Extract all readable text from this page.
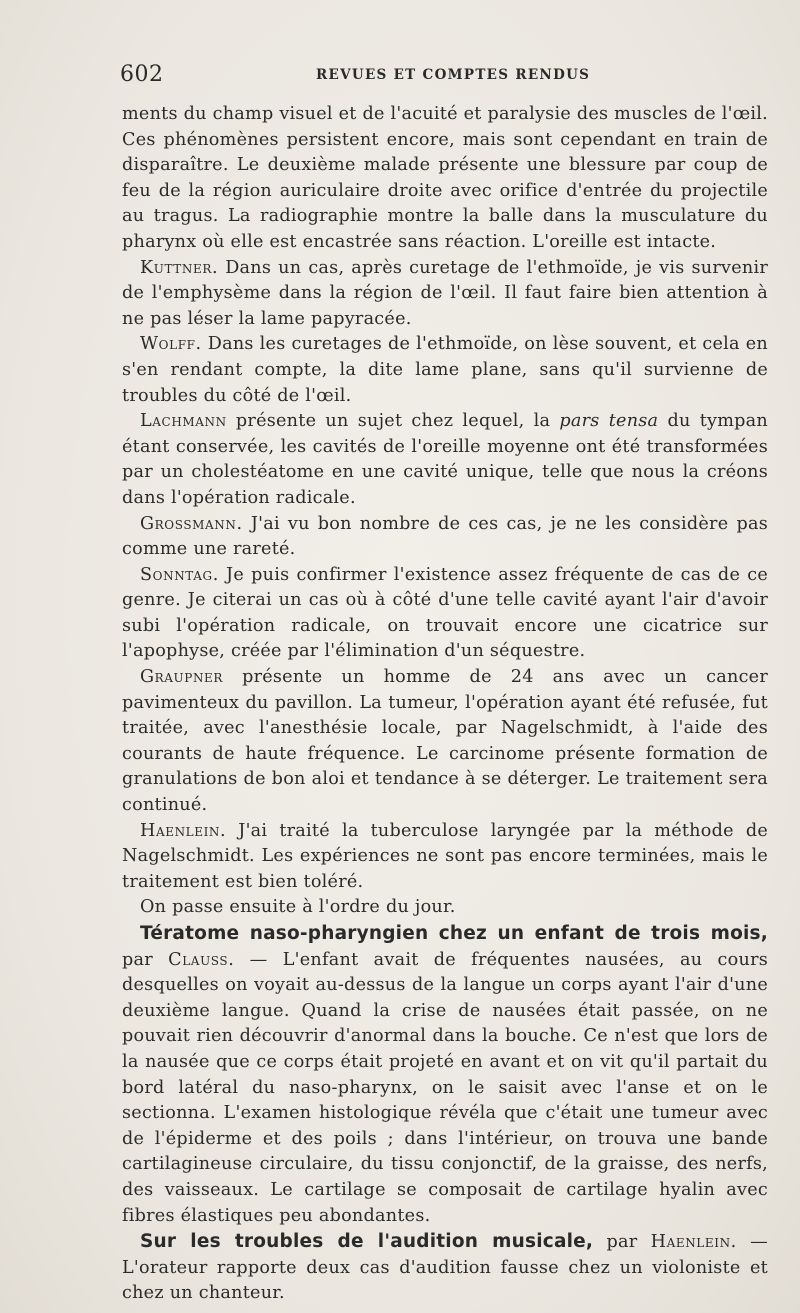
602	REVUES ET COMPTES RENDUS

ments du champ visuel et de l'acuité et paralysie des muscles de l'œil. Ces phénomènes persistent encore, mais sont cependant en train de disparaître. Le deuxième malade présente une blessure par coup de feu de la région auriculaire droite avec orifice d'entrée du projectile au tragus. La radiographie montre la balle dans la musculature du pharynx où elle est encastrée sans réaction. L'oreille est intacte.

Kuttner. Dans un cas, après curetage de l'ethmoïde, je vis survenir de l'emphysème dans la région de l'œil. Il faut faire bien attention à ne pas léser la lame papyracée.

Wolff. Dans les curetages de l'ethmoïde, on lèse souvent, et cela en s'en rendant compte, la dite lame plane, sans qu'il survienne de troubles du côté de l'œil.

Lachmann présente un sujet chez lequel, la pars tensa du tympan étant conservée, les cavités de l'oreille moyenne ont été transformées par un cholestéatome en une cavité unique, telle que nous la créons dans l'opération radicale.

Grossmann. J'ai vu bon nombre de ces cas, je ne les considère pas comme une rareté.

Sonntag. Je puis confirmer l'existence assez fréquente de cas de ce genre. Je citerai un cas où à côté d'une telle cavité ayant l'air d'avoir subi l'opération radicale, on trouvait encore une cicatrice sur l'apophyse, créée par l'élimination d'un séquestre.

Graupner présente un homme de 24 ans avec un cancer pavimenteux du pavillon. La tumeur, l'opération ayant été refusée, fut traitée, avec l'anesthésie locale, par Nagelschmidt, à l'aide des courants de haute fréquence. Le carcinome présente formation de granulations de bon aloi et tendance à se déterger. Le traitement sera continué.

Haenlein. J'ai traité la tuberculose laryngée par la méthode de Nagelschmidt. Les expériences ne sont pas encore terminées, mais le traitement est bien toléré.

On passe ensuite à l'ordre du jour.

Tératome naso-pharyngien chez un enfant de trois mois, par Clauss. — L'enfant avait de fréquentes nausées, au cours desquelles on voyait au-dessus de la langue un corps ayant l'air d'une deuxième langue. Quand la crise de nausées était passée, on ne pouvait rien découvrir d'anormal dans la bouche. Ce n'est que lors de la nausée que ce corps était projeté en avant et on vit qu'il partait du bord latéral du naso-pharynx, on le saisit avec l'anse et on le sectionna. L'examen histologique révéla que c'était une tumeur avec de l'épiderme et des poils ; dans l'intérieur, on trouva une bande cartilagineuse circulaire, du tissu conjonctif, de la graisse, des nerfs, des vaisseaux. Le cartilage se composait de cartilage hyalin avec fibres élastiques peu abondantes.

Sur les troubles de l'audition musicale, par Haenlein. — L'orateur rapporte deux cas d'audition fausse chez un violoniste et chez un chanteur.
